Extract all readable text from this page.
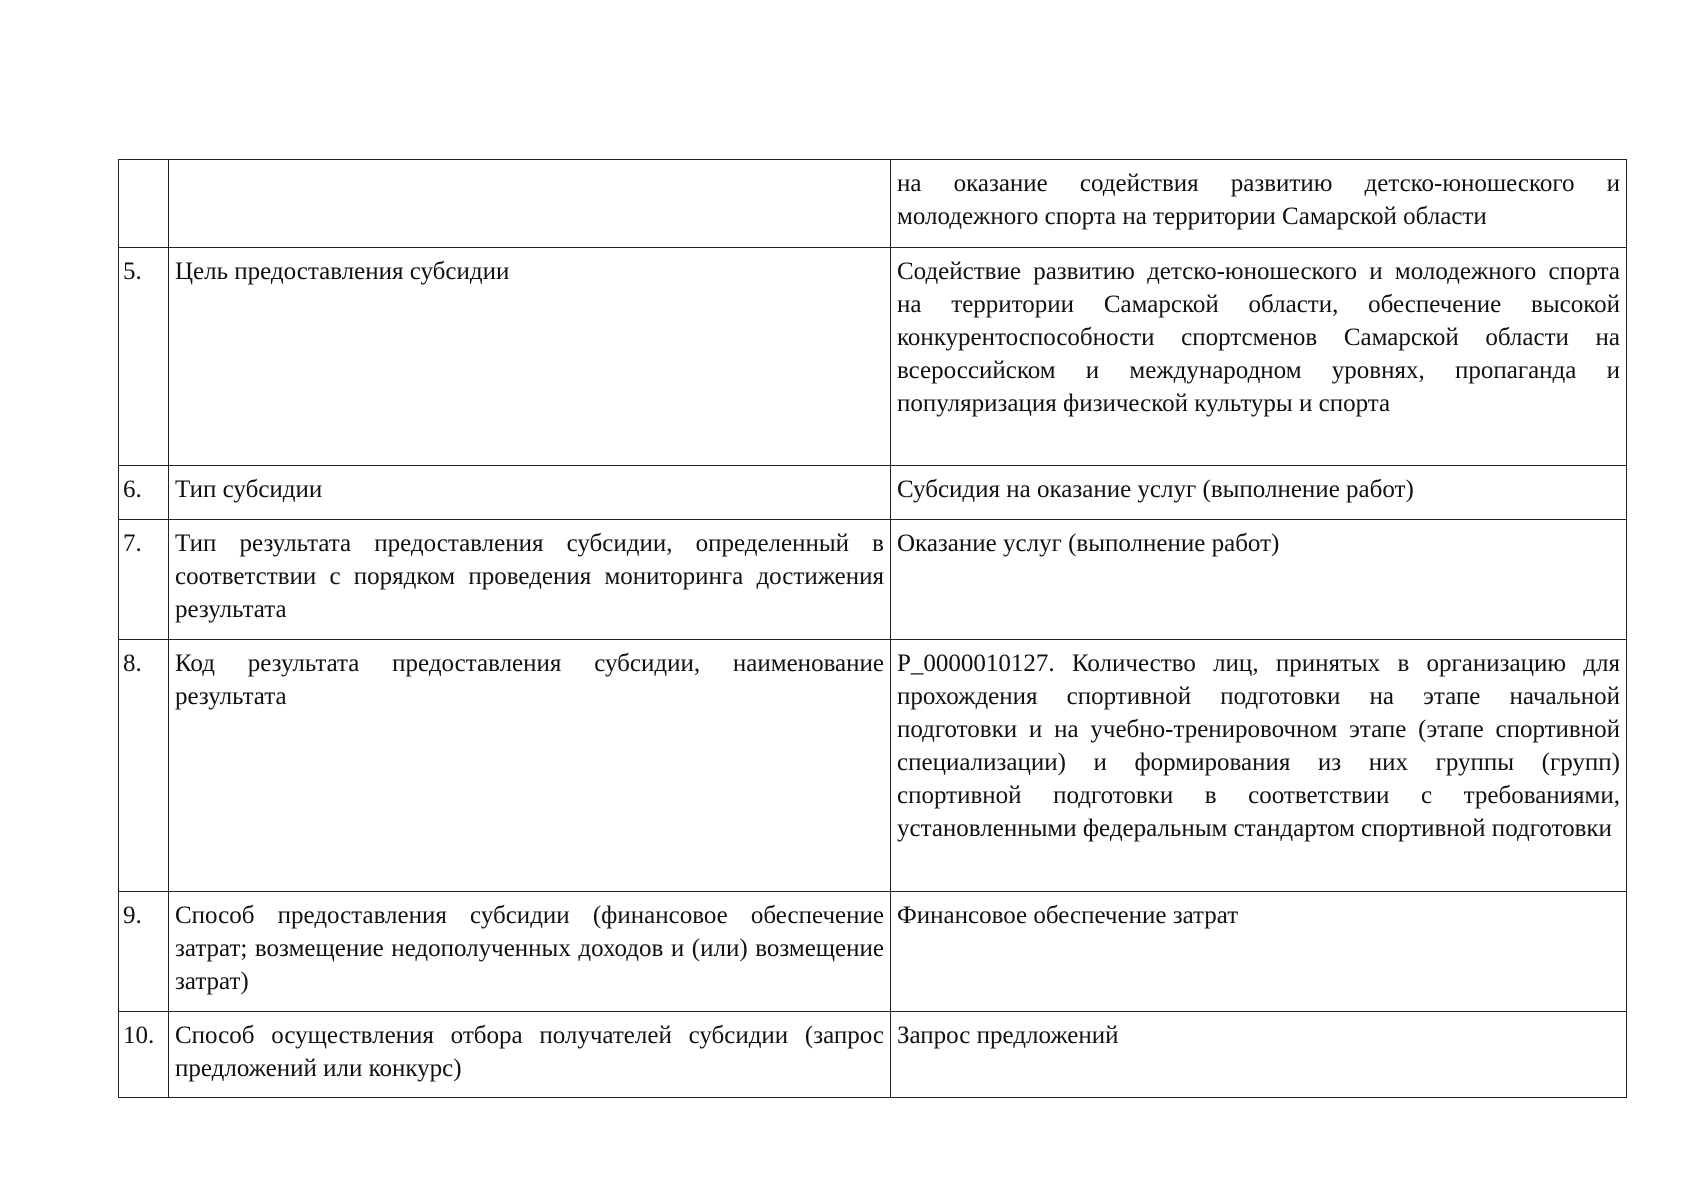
		на оказание содействия развитию детско-юношеского и молодежного спорта на территории Самарской области
5.	Цель предоставления субсидии	Содействие развитию детско-юношеского и молодежного спорта на территории Самарской области, обеспечение высокой конкурентоспособности спортсменов Самарской области на всероссийском и международном уровнях, пропаганда и популяризация физической культуры и спорта
6.	Тип субсидии	Субсидия на оказание услуг (выполнение работ)
7.	Тип результата предоставления субсидии, определенный в соответствии с порядком проведения мониторинга достижения результата	Оказание услуг (выполнение работ)
8.	Код результата предоставления субсидии, наименование результата	P_0000010127. Количество лиц, принятых в организацию для прохождения спортивной подготовки на этапе начальной подготовки и на учебно-тренировочном этапе (этапе спортивной специализации) и формирования из них группы (групп) спортивной подготовки в соответствии с требованиями, установленными федеральным стандартом спортивной подготовки
9.	Способ предоставления субсидии (финансовое обеспечение затрат; возмещение недополученных доходов и (или) возмещение затрат)	Финансовое обеспечение затрат
10.	Способ осуществления отбора получателей субсидии (запрос предложений или конкурс)	Запрос предложений
